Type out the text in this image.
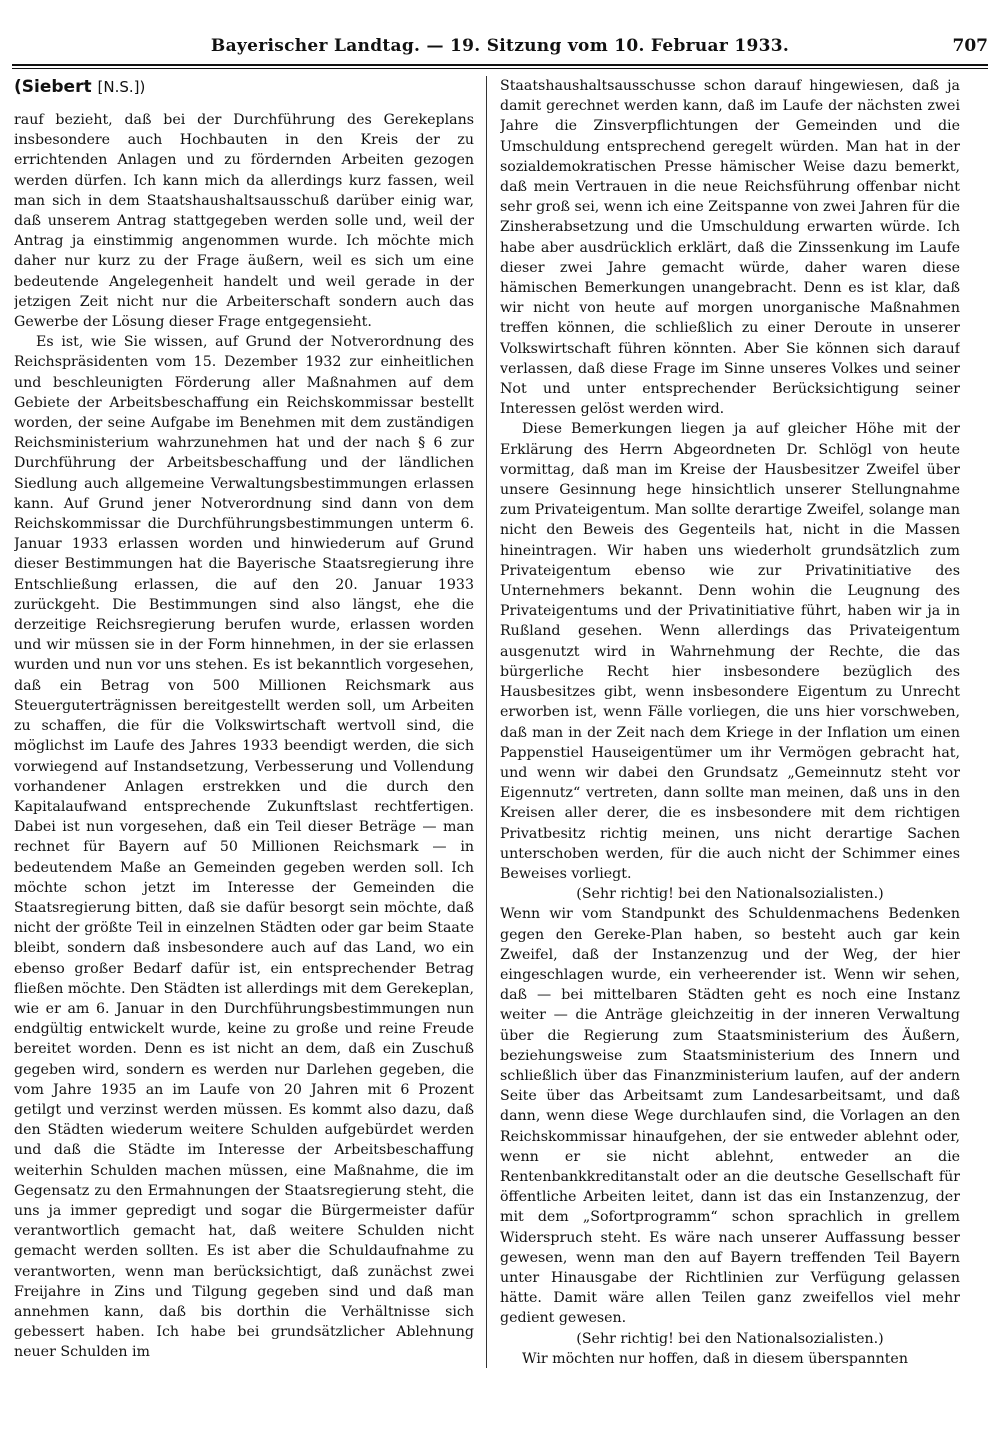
Bayerischer Landtag. — 19. Sitzung vom 10. Februar 1933.	707
(Siebert [N.S.])

rauf bezieht, daß bei der Durchführung des Gerekeplans insbesondere auch Hochbauten in den Kreis der zu errichtenden Anlagen und zu fördernden Arbeiten gezogen werden dürfen. Ich kann mich da allerdings kurz fassen, weil man sich in dem Staatshaushaltsausschuß darüber einig war, daß unserem Antrag stattgegeben werden solle und, weil der Antrag ja einstimmig angenommen wurde. Ich möchte mich daher nur kurz zu der Frage äußern, weil es sich um eine bedeutende Angelegenheit handelt und weil gerade in der jetzigen Zeit nicht nur die Arbeiterschaft sondern auch das Gewerbe der Lösung dieser Frage entgegensieht.

Es ist, wie Sie wissen, auf Grund der Notverordnung des Reichspräsidenten vom 15. Dezember 1932 zur einheitlichen und beschleunigten Förderung aller Maßnahmen auf dem Gebiete der Arbeitsbeschaffung ein Reichskommissar bestellt worden, der seine Aufgabe im Benehmen mit dem zuständigen Reichsministerium wahrzunehmen hat und der nach § 6 zur Durchführung der Arbeitsbeschaffung und der ländlichen Siedlung auch allgemeine Verwaltungsbestimmungen erlassen kann. Auf Grund jener Notverordnung sind dann von dem Reichskommissar die Durchführungsbestimmungen unterm 6. Januar 1933 erlassen worden und hinwiederum auf Grund dieser Bestimmungen hat die Bayerische Staatsregierung ihre Entschließung erlassen, die auf den 20. Januar 1933 zurückgeht. Die Bestimmungen sind also längst, ehe die derzeitige Reichsregierung berufen wurde, erlassen worden und wir müssen sie in der Form hinnehmen, in der sie erlassen wurden und nun vor uns stehen. Es ist bekanntlich vorgesehen, daß ein Betrag von 500 Millionen Reichsmark aus Steuerguterträgnissen bereitgestellt werden soll, um Arbeiten zu schaffen, die für die Volkswirtschaft wertvoll sind, die möglichst im Laufe des Jahres 1933 beendigt werden, die sich vorwiegend auf Instandsetzung, Verbesserung und Vollendung vorhandener Anlagen erstrekken und die durch den Kapitalaufwand entsprechende Zukunftslast rechtfertigen. Dabei ist nun vorgesehen, daß ein Teil dieser Beträge — man rechnet für Bayern auf 50 Millionen Reichsmark — in bedeutendem Maße an Gemeinden gegeben werden soll. Ich möchte schon jetzt im Interesse der Gemeinden die Staatsregierung bitten, daß sie dafür besorgt sein möchte, daß nicht der größte Teil in einzelnen Städten oder gar beim Staate bleibt, sondern daß insbesondere auch auf das Land, wo ein ebenso großer Bedarf dafür ist, ein entsprechender Betrag fließen möchte. Den Städten ist allerdings mit dem Gerekeplan, wie er am 6. Januar in den Durchführungsbestimmungen nun endgültig entwickelt wurde, keine zu große und reine Freude bereitet worden. Denn es ist nicht an dem, daß ein Zuschuß gegeben wird, sondern es werden nur Darlehen gegeben, die vom Jahre 1935 an im Laufe von 20 Jahren mit 6 Prozent getilgt und verzinst werden müssen. Es kommt also dazu, daß den Städten wiederum weitere Schulden aufgebürdet werden und daß die Städte im Interesse der Arbeitsbeschaffung weiterhin Schulden machen müssen, eine Maßnahme, die im Gegensatz zu den Ermahnungen der Staatsregierung steht, die uns ja immer gepredigt und sogar die Bürgermeister dafür verantwortlich gemacht hat, daß weitere Schulden nicht gemacht werden sollten. Es ist aber die Schuldaufnahme zu verantworten, wenn man berücksichtigt, daß zunächst zwei Freijahre in Zins und Tilgung gegeben sind und daß man annehmen kann, daß bis dorthin die Verhältnisse sich gebessert haben. Ich habe bei grundsätzlicher Ablehnung neuer Schulden im

Staatshaushaltsausschusse schon darauf hingewiesen, daß ja damit gerechnet werden kann, daß im Laufe der nächsten zwei Jahre die Zinsverpflichtungen der Gemeinden und die Umschuldung entsprechend geregelt würden. Man hat in der sozialdemokratischen Presse hämischer Weise dazu bemerkt, daß mein Vertrauen in die neue Reichsführung offenbar nicht sehr groß sei, wenn ich eine Zeitspanne von zwei Jahren für die Zinsherabsetzung und die Umschuldung erwarten würde. Ich habe aber ausdrücklich erklärt, daß die Zinssenkung im Laufe dieser zwei Jahre gemacht würde, daher waren diese hämischen Bemerkungen unangebracht. Denn es ist klar, daß wir nicht von heute auf morgen unorganische Maßnahmen treffen können, die schließlich zu einer Deroute in unserer Volkswirtschaft führen könnten. Aber Sie können sich darauf verlassen, daß diese Frage im Sinne unseres Volkes und seiner Not und unter entsprechender Berücksichtigung seiner Interessen gelöst werden wird.

Diese Bemerkungen liegen ja auf gleicher Höhe mit der Erklärung des Herrn Abgeordneten Dr. Schlögl von heute vormittag, daß man im Kreise der Hausbesitzer Zweifel über unsere Gesinnung hege hinsichtlich unserer Stellungnahme zum Privateigentum. Man sollte derartige Zweifel, solange man nicht den Beweis des Gegenteils hat, nicht in die Massen hineintragen. Wir haben uns wiederholt grundsätzlich zum Privateigentum ebenso wie zur Privatinitiative des Unternehmers bekannt. Denn wohin die Leugnung des Privateigentums und der Privatinitiative führt, haben wir ja in Rußland gesehen. Wenn allerdings das Privateigentum ausgenutzt wird in Wahrnehmung der Rechte, die das bürgerliche Recht hier insbesondere bezüglich des Hausbesitzes gibt, wenn insbesondere Eigentum zu Unrecht erworben ist, wenn Fälle vorliegen, die uns hier vorschweben, daß man in der Zeit nach dem Kriege in der Inflation um einen Pappenstiel Hauseigentümer um ihr Vermögen gebracht hat, und wenn wir dabei den Grundsatz „Gemeinnutz steht vor Eigennutz“ vertreten, dann sollte man meinen, daß uns in den Kreisen aller derer, die es insbesondere mit dem richtigen Privatbesitz richtig meinen, uns nicht derartige Sachen unterschoben werden, für die auch nicht der Schimmer eines Beweises vorliegt.

(Sehr richtig! bei den Nationalsozialisten.)

Wenn wir vom Standpunkt des Schuldenmachens Bedenken gegen den Gereke-Plan haben, so besteht auch gar kein Zweifel, daß der Instanzenzug und der Weg, der hier eingeschlagen wurde, ein verheerender ist. Wenn wir sehen, daß — bei mittelbaren Städten geht es noch eine Instanz weiter — die Anträge gleichzeitig in der inneren Verwaltung über die Regierung zum Staatsministerium des Äußern, beziehungsweise zum Staatsministerium des Innern und schließlich über das Finanzministerium laufen, auf der andern Seite über das Arbeitsamt zum Landesarbeitsamt, und daß dann, wenn diese Wege durchlaufen sind, die Vorlagen an den Reichskommissar hinaufgehen, der sie entweder ablehnt oder, wenn er sie nicht ablehnt, entweder an die Rentenbankkreditanstalt oder an die deutsche Gesellschaft für öffentliche Arbeiten leitet, dann ist das ein Instanzenzug, der mit dem „Sofortprogramm“ schon sprachlich in grellem Widerspruch steht. Es wäre nach unserer Auffassung besser gewesen, wenn man den auf Bayern treffenden Teil Bayern unter Hinausgabe der Richtlinien zur Verfügung gelassen hätte. Damit wäre allen Teilen ganz zweifellos viel mehr gedient gewesen.

(Sehr richtig! bei den Nationalsozialisten.)

Wir möchten nur hoffen, daß in diesem überspannten
